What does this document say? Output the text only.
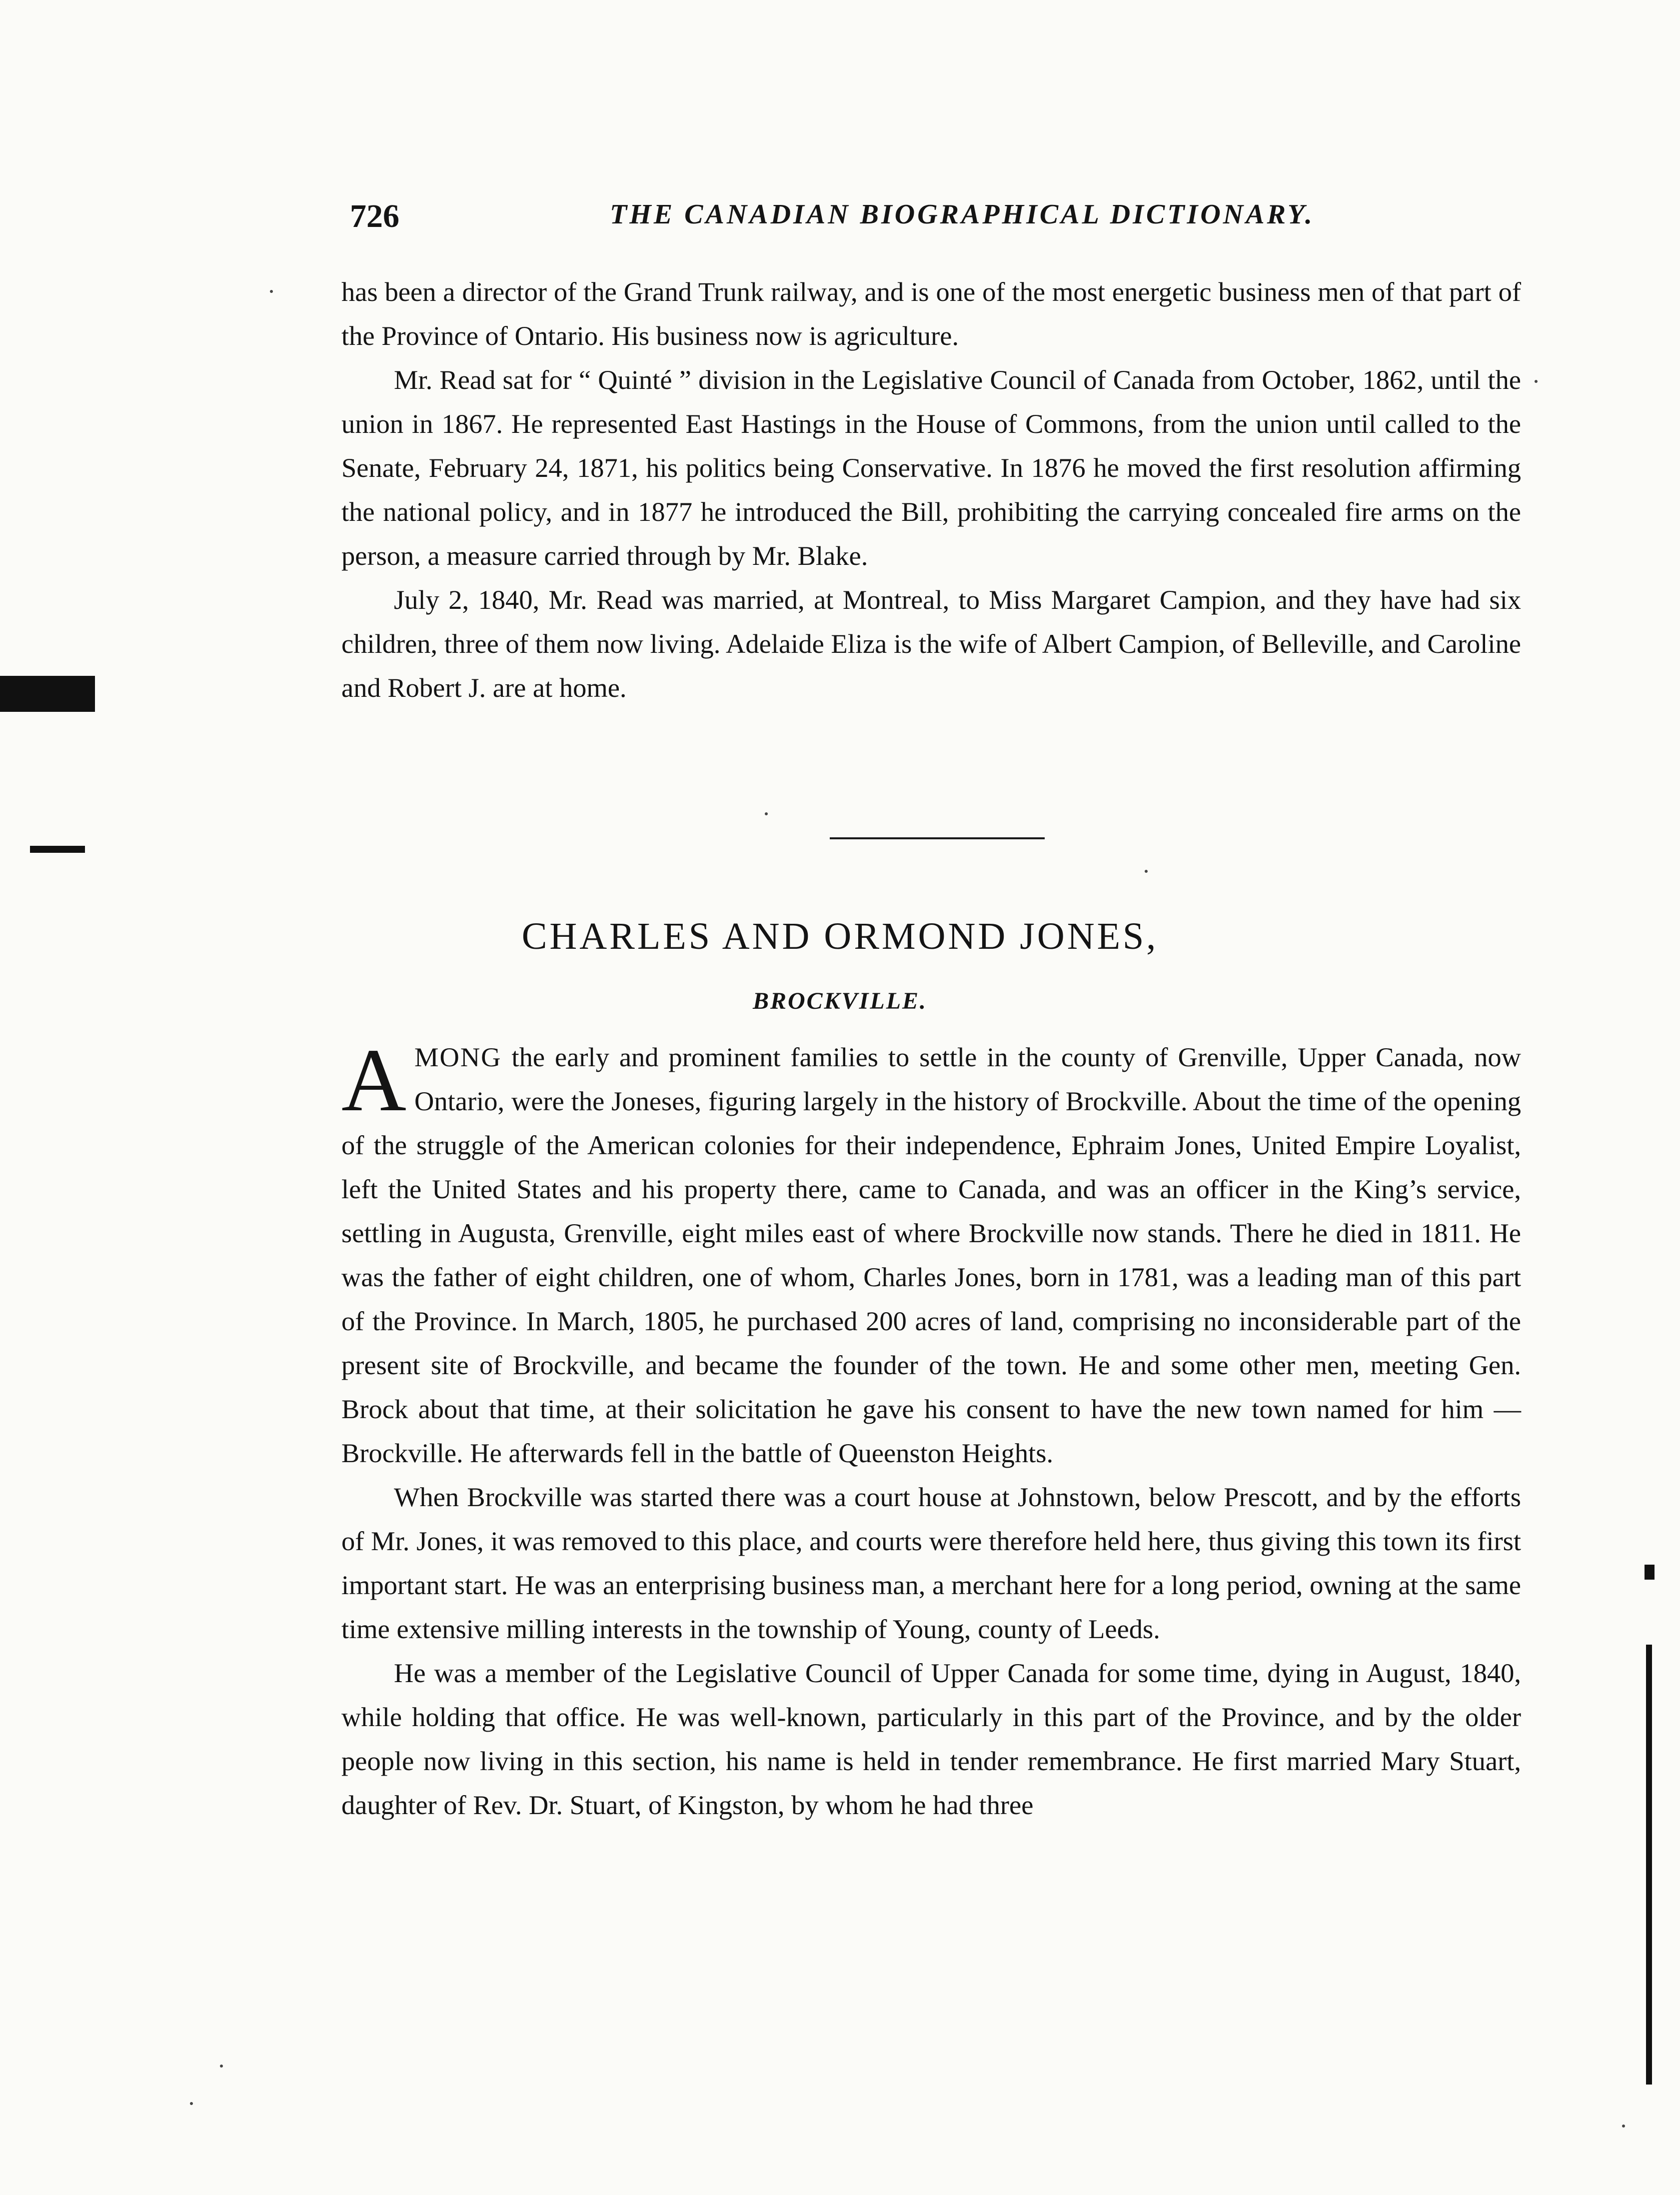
726	THE CANADIAN BIOGRAPHICAL DICTIONARY.

has been a director of the Grand Trunk railway, and is one of the most energetic business men of that part of the Province of Ontario. His business now is agriculture.

Mr. Read sat for “ Quinté ” division in the Legislative Council of Canada from October, 1862, until the union in 1867. He represented East Hastings in the House of Commons, from the union until called to the Senate, February 24, 1871, his politics being Conservative. In 1876 he moved the first resolution affirming the national policy, and in 1877 he introduced the Bill, prohibiting the carrying concealed fire arms on the person, a measure carried through by Mr. Blake.

July 2, 1840, Mr. Read was married, at Montreal, to Miss Margaret Campion, and they have had six children, three of them now living. Adelaide Eliza is the wife of Albert Campion, of Belleville, and Caroline and Robert J. are at home.

CHARLES AND ORMOND JONES,
BROCKVILLE.

AMONG the early and prominent families to settle in the county of Grenville, Upper Canada, now Ontario, were the Joneses, figuring largely in the history of Brockville. About the time of the opening of the struggle of the American colonies for their independence, Ephraim Jones, United Empire Loyalist, left the United States and his property there, came to Canada, and was an officer in the King’s service, settling in Augusta, Grenville, eight miles east of where Brockville now stands. There he died in 1811. He was the father of eight children, one of whom, Charles Jones, born in 1781, was a leading man of this part of the Province. In March, 1805, he purchased 200 acres of land, comprising no inconsiderable part of the present site of Brockville, and became the founder of the town. He and some other men, meeting Gen. Brock about that time, at their solicitation he gave his consent to have the new town named for him —Brockville. He afterwards fell in the battle of Queenston Heights.

When Brockville was started there was a court house at Johnstown, below Prescott, and by the efforts of Mr. Jones, it was removed to this place, and courts were therefore held here, thus giving this town its first important start. He was an enterprising business man, a merchant here for a long period, owning at the same time extensive milling interests in the township of Young, county of Leeds.

He was a member of the Legislative Council of Upper Canada for some time, dying in August, 1840, while holding that office. He was well-known, particularly in this part of the Province, and by the older people now living in this section, his name is held in tender remembrance. He first married Mary Stuart, daughter of Rev. Dr. Stuart, of Kingston, by whom he had three
